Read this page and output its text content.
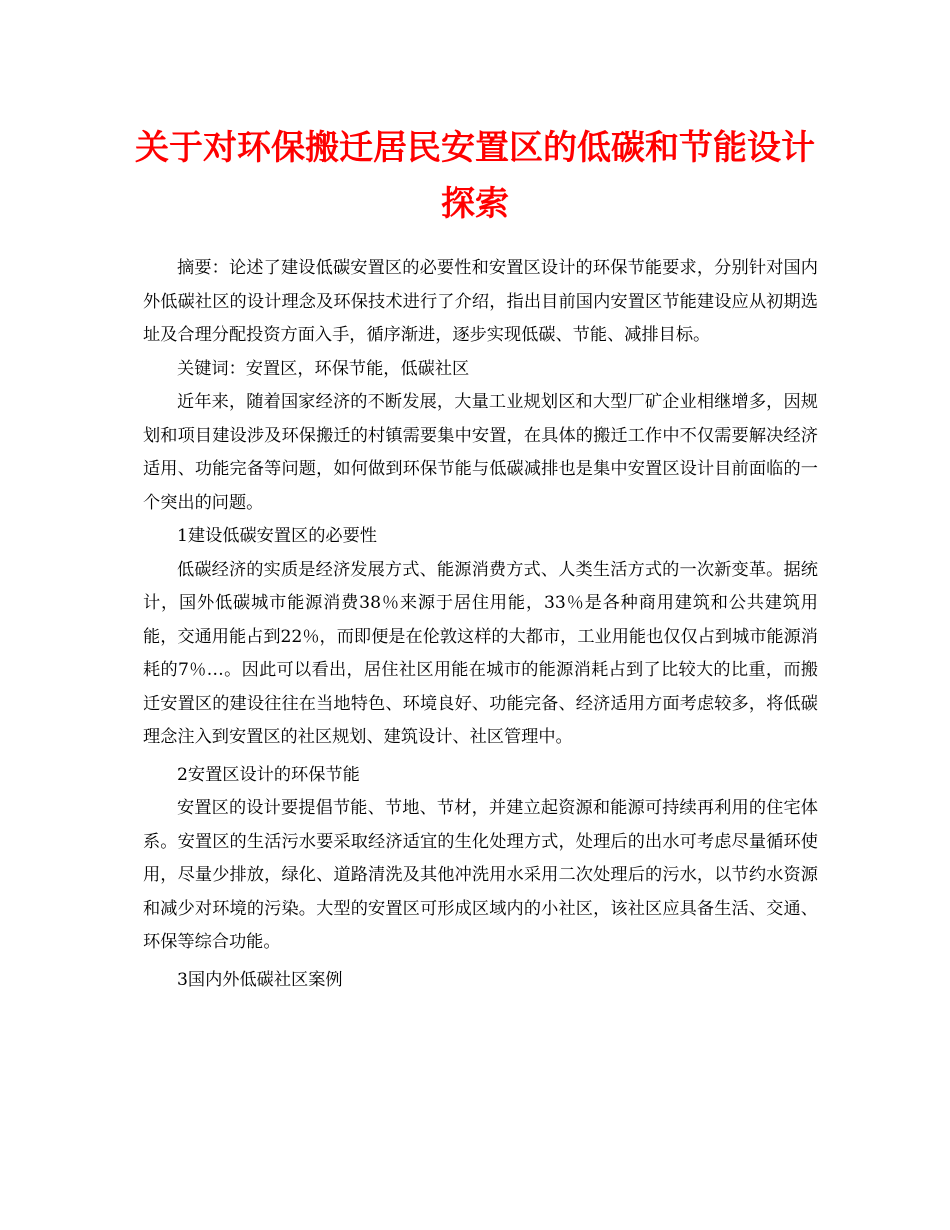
关于对环保搬迁居民安置区的低碳和节能设计探索

摘要：论述了建设低碳安置区的必要性和安置区设计的环保节能要求，分别针对国内外低碳社区的设计理念及环保技术进行了介绍，指出目前国内安置区节能建设应从初期选址及合理分配投资方面入手，循序渐进，逐步实现低碳、节能、减排目标。

关键词：安置区，环保节能，低碳社区

近年来，随着国家经济的不断发展，大量工业规划区和大型厂矿企业相继增多，因规划和项目建设涉及环保搬迁的村镇需要集中安置，在具体的搬迁工作中不仅需要解决经济适用、功能完备等问题，如何做到环保节能与低碳减排也是集中安置区设计目前面临的一个突出的问题。

1建设低碳安置区的必要性

低碳经济的实质是经济发展方式、能源消费方式、人类生活方式的一次新变革。据统计，国外低碳城市能源消费38％来源于居住用能，33％是各种商用建筑和公共建筑用能，交通用能占到22％，而即便是在伦敦这样的大都市，工业用能也仅仅占到城市能源消耗的7％…。因此可以看出，居住社区用能在城市的能源消耗占到了比较大的比重，而搬迁安置区的建设往往在当地特色、环境良好、功能完备、经济适用方面考虑较多，将低碳理念注入到安置区的社区规划、建筑设计、社区管理中。

2安置区设计的环保节能

安置区的设计要提倡节能、节地、节材，并建立起资源和能源可持续再利用的住宅体系。安置区的生活污水要采取经济适宜的生化处理方式，处理后的出水可考虑尽量循环使用，尽量少排放，绿化、道路清洗及其他冲洗用水采用二次处理后的污水，以节约水资源和减少对环境的污染。大型的安置区可形成区域内的小社区，该社区应具备生活、交通、环保等综合功能。

3国内外低碳社区案例
